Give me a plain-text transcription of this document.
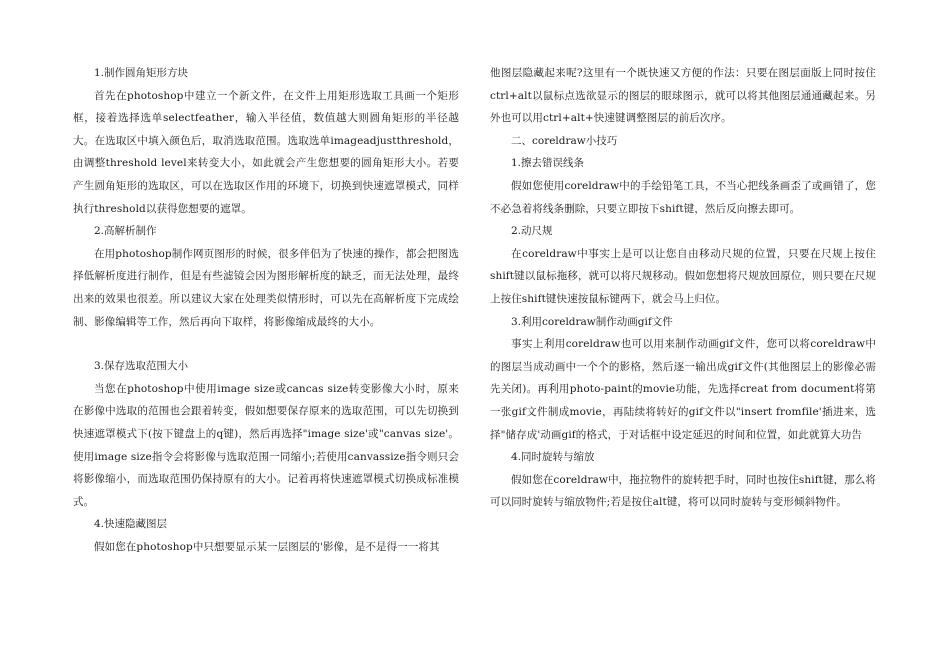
1.制作圆角矩形方块

首先在photoshop中建立一个新文件，在文件上用矩形选取工具画一个矩形框，接着选择选单selectfeather，输入半径值，数值越大则圆角矩形的半径越大。在选取区中填入颜色后，取消选取范围。选取选单imageadjustthreshold，由调整threshold level来转变大小，如此就会产生您想要的圆角矩形大小。若要产生圆角矩形的选取区，可以在选取区作用的环境下，切换到快速遮罩模式，同样执行threshold以获得您想要的遮罩。

2.高解析制作

在用photoshop制作网页图形的时候，很多伴侣为了快速的操作，都会把图选择低解析度进行制作，但是有些滤镜会因为图形解析度的缺乏，而无法处理，最终出来的效果也很差。所以建议大家在处理类似情形时，可以先在高解析度下完成绘制、影像编辑等工作，然后再向下取样，将影像缩成最终的大小。

3.保存选取范围大小

当您在photoshop中使用image size或cancas size转变影像大小时，原来在影像中选取的范围也会跟着转变，假如想要保存原来的选取范围，可以先切换到快速遮罩模式下(按下键盘上的q键)，然后再选择"image size'或"canvas size'。使用image size指令会将影像与选取范围一同缩小;若使用canvassize指令则只会将影像缩小，而选取范围仍保持原有的大小。记着再将快速遮罩模式切换成标准模式。

4.快速隐藏图层

假如您在photoshop中只想要显示某一层图层的'影像，是不是得一一将其

他图层隐藏起来呢?这里有一个既快速又方便的作法：只要在图层面版上同时按住ctrl+alt以鼠标点选欲显示的图层的眼球图示，就可以将其他图层通通藏起来。另外也可以用ctrl+alt+快速键调整图层的前后次序。

二、coreldraw小技巧

1.擦去错误线条

假如您使用coreldraw中的手绘铅笔工具，不当心把线条画歪了或画错了，您不必急着将线条删除，只要立即按下shift键，然后反向擦去即可。

2.动尺规

在coreldraw中事实上是可以让您自由移动尺规的位置，只要在尺规上按住shift键以鼠标拖移，就可以将尺规移动。假如您想将尺规放回原位，则只要在尺规上按住shift键快速按鼠标键两下，就会马上归位。

3.利用coreldraw制作动画gif文件

事实上利用coreldraw也可以用来制作动画gif文件，您可以将coreldraw中的图层当成动画中一个个的影格，然后逐一输出成gif文件(其他图层上的影像必需先关闭)。再利用photo-paint的movie功能，先选择creat from document将第一张gif文件制成movie，再陆续将转好的gif文件以"insert fromfile'插进来，选择"储存成'动画gif的格式，于对话框中设定延迟的时间和位置，如此就算大功告

4.同时旋转与缩放

假如您在coreldraw中，拖拉物件的旋转把手时，同时也按住shift键，那么将可以同时旋转与缩放物件;若是按住alt键，将可以同时旋转与变形倾斜物件。
